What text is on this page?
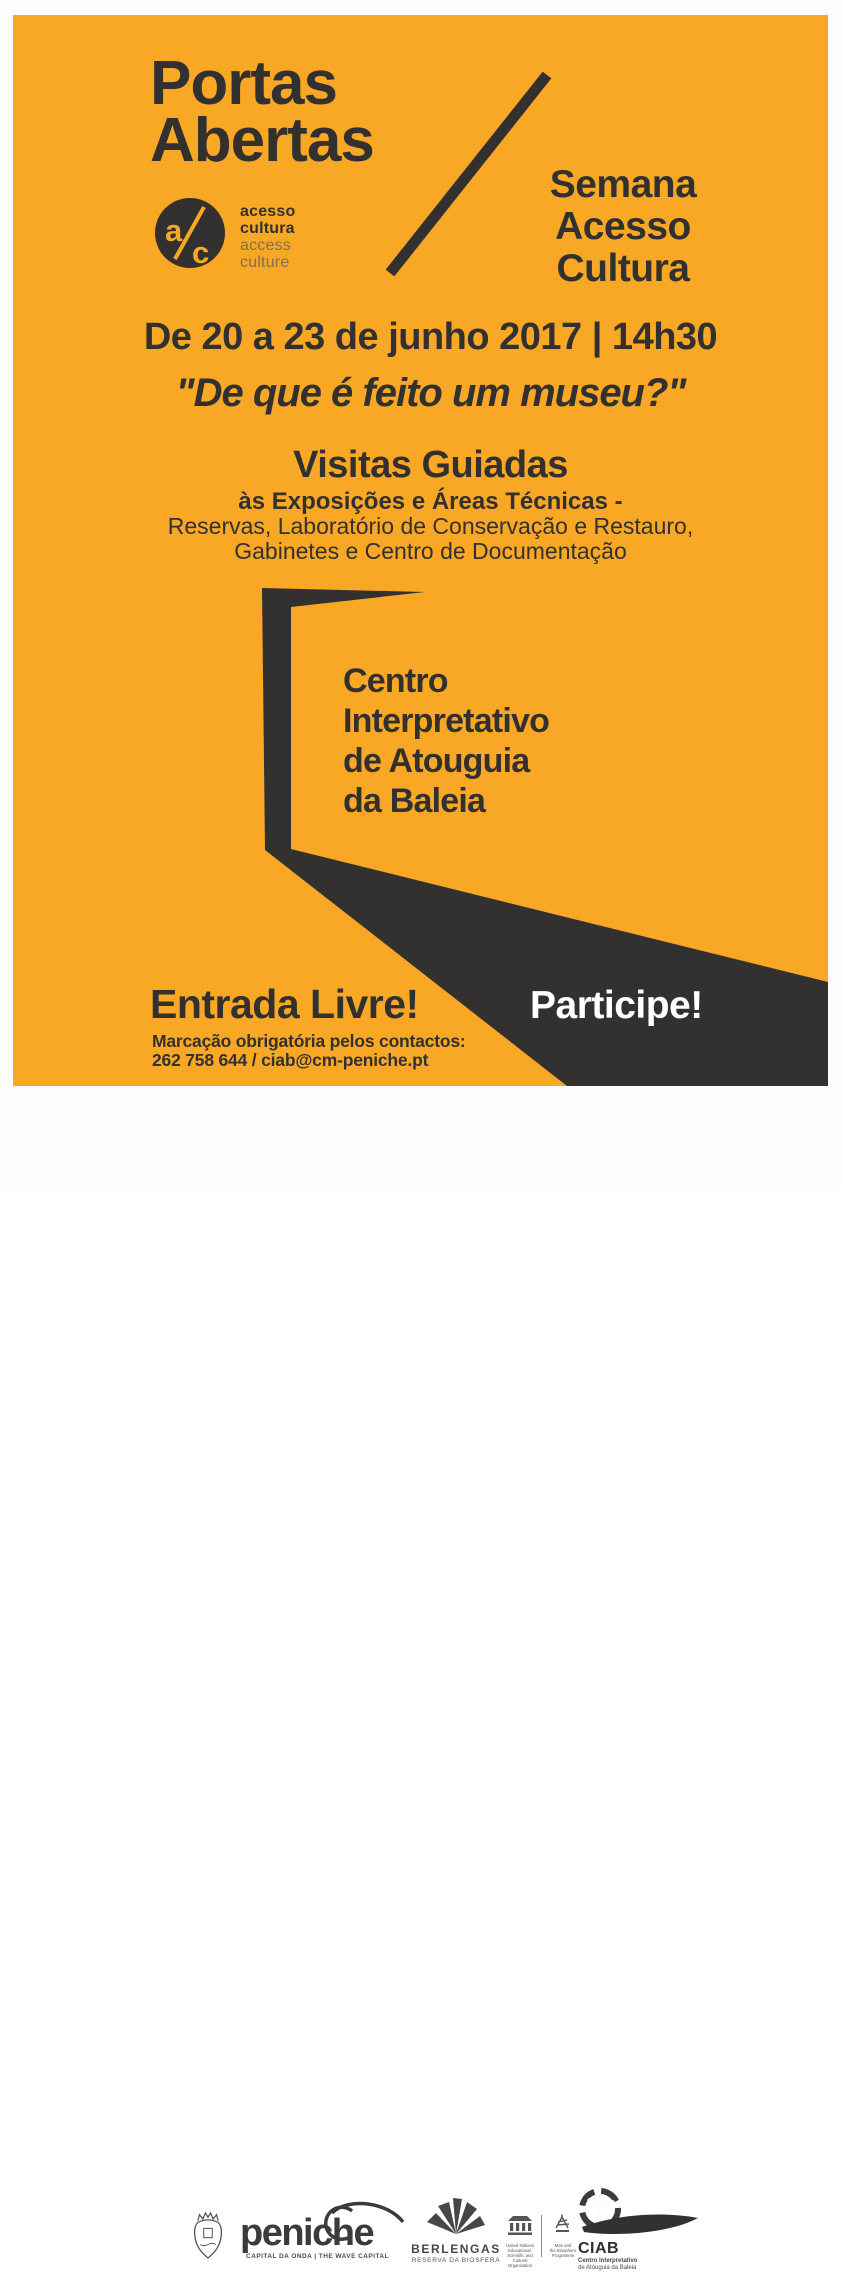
Portas
Abertas
a
c
acesso
cultura
access
culture
Semana
Acesso
Cultura
De 20 a 23 de junho 2017 | 14h30
"De que é feito um museu?"
Visitas Guiadas
às Exposições e Áreas Técnicas -
Reservas, Laboratório de Conservação e Restauro,
Gabinetes e Centro de Documentação
Centro
Interpretativo
de Atouguia
da Baleia
Entrada Livre!
Marcação obrigatória pelos contactos:
262 758 644 / ciab@cm-peniche.pt
Participe!
peniche
CAPITAL DA ONDA | THE WAVE CAPITAL
BERLENGAS
RESERVA DA BIOSFERA
United Nations
Educational, Scientific and
Cultural Organization
Man and
the Biosphere
Programme CIAB
Centro Interpretativo
de Atouguia da Baleia
